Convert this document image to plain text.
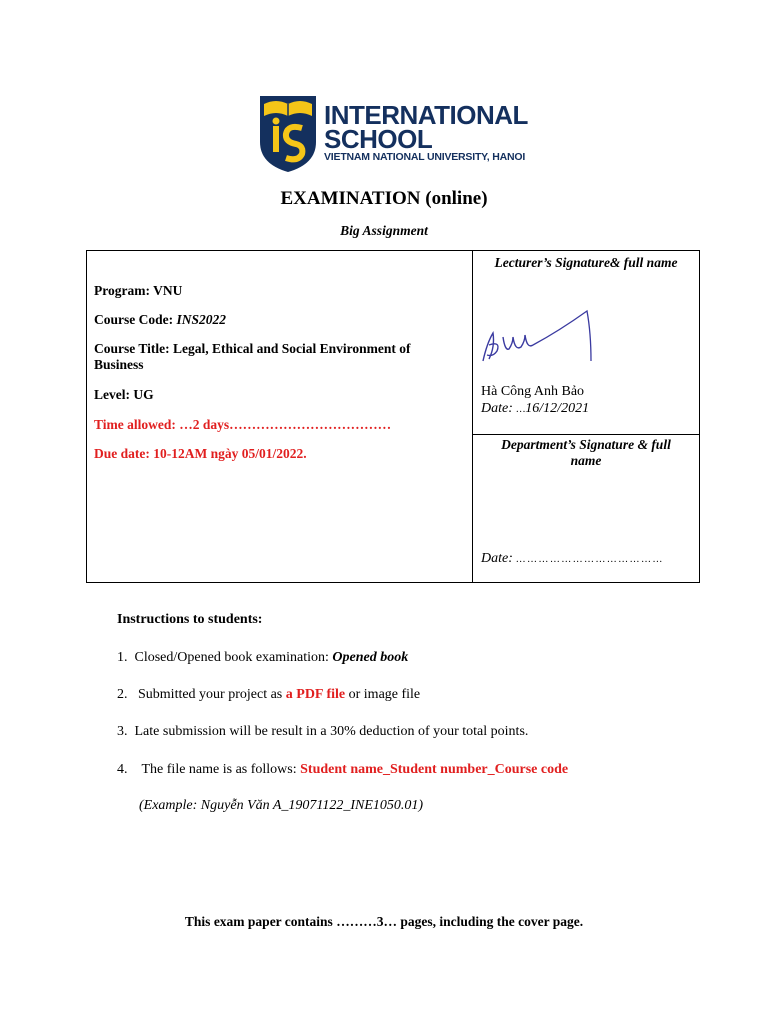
INTERNATIONAL
SCHOOL
VIETNAM NATIONAL UNIVERSITY, HANOI
EXAMINATION (online)
Big Assignment
Program: VNU
Course Code: INS2022
Course Title: Legal, Ethical and Social Environment of
Business
Level: UG
Time allowed: …2 days………………………………
Due date: 10-12AM ngày 05/01/2022.
Lecturer’s Signature& full name
Hà Công Anh Bảo
Date: …16/12/2021
Department’s Signature & full
name
Date: … … … … … … … … … … … … …
Instructions to students:
1. Closed/Opened book examination: Opened book
2. Submitted your project as a PDF file or image file
3. Late submission will be result in a 30% deduction of your total points.
4. The file name is as follows: Student name_Student number_Course code
(Example: Nguyễn Văn A_19071122_INE1050.01)
This exam paper contains ………3… pages, including the cover page.
